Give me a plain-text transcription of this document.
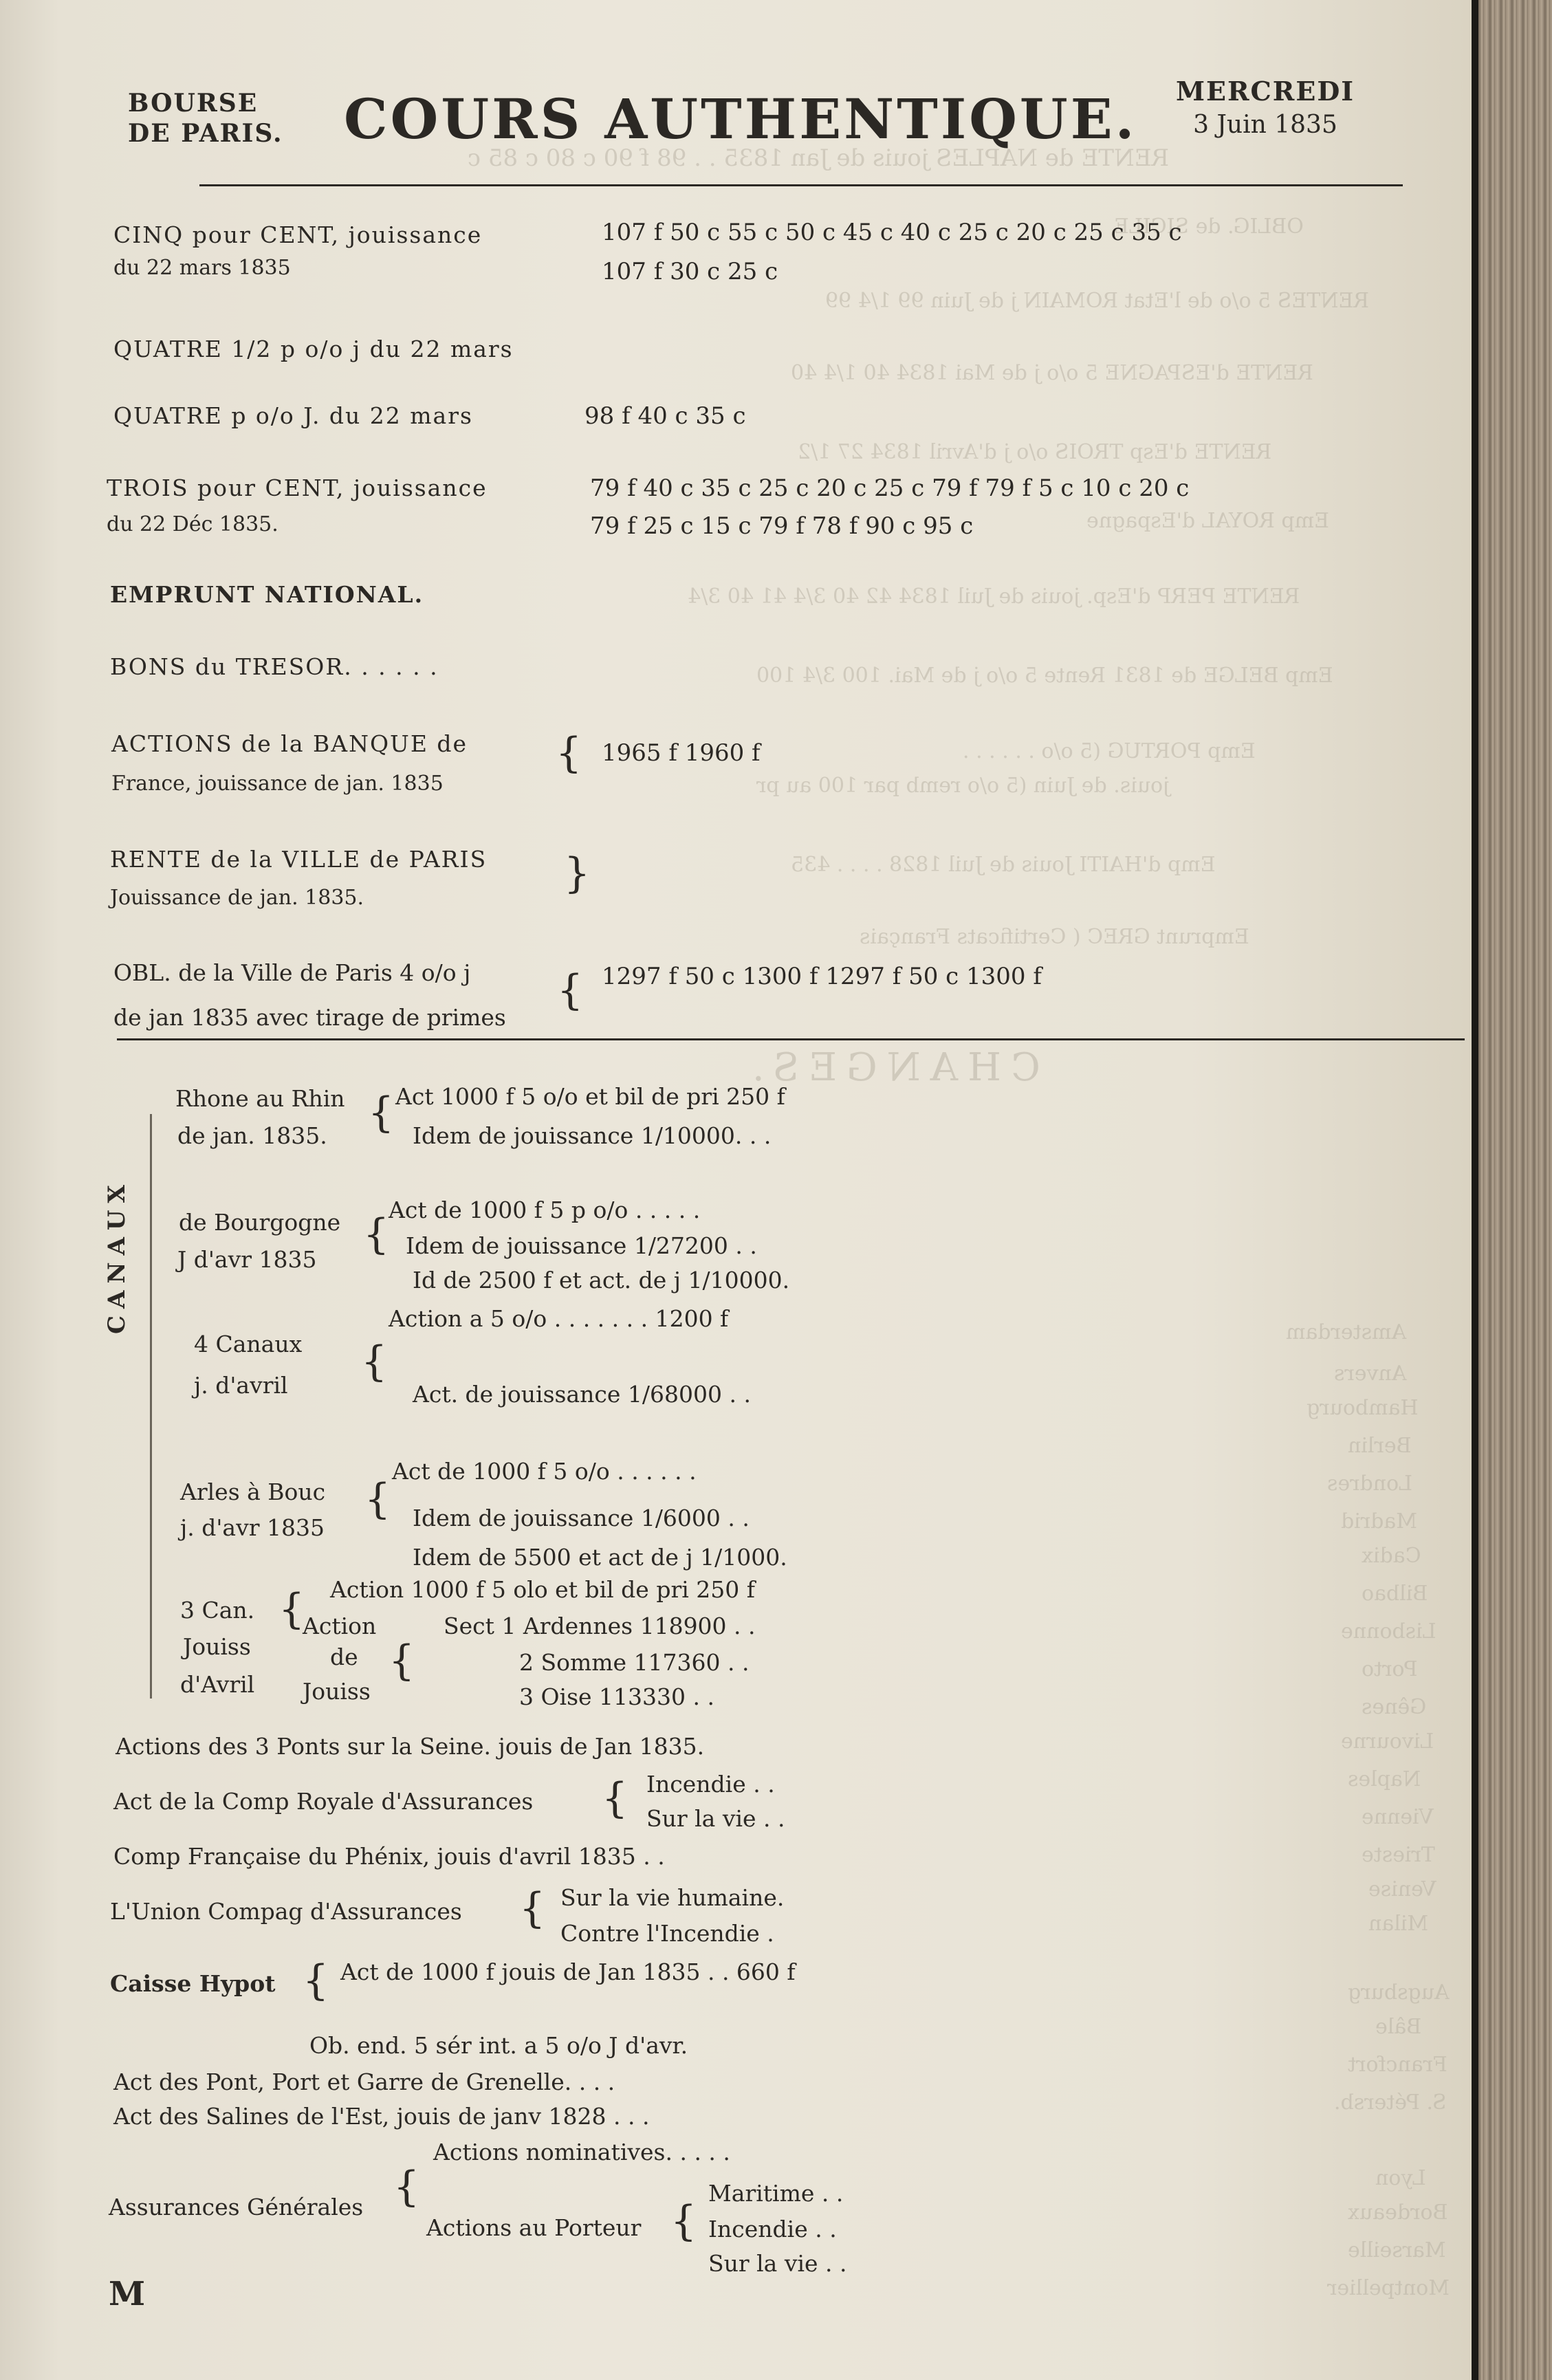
RENTE de NAPLES jouis de Jan 1835 . . 98 f 90 c 80 c 85 c
OBLIG. de SICILE
RENTES 5 o/o de l'Etat ROMAIN j de Juin 99 1/4 99
RENTE d'ESPAGNE 5 o/o j de Mai 1834 40 1/4 40
RENTE d'Esp TROIS o/o j d'Avril 1834 27 1/2
Emp ROYAL d'Espagne
RENTE PERP d'Esp. jouis de Juil 1834 42 40 3/4 41 40 3/4
Emp BELGE de 1831 Rente 5 o/o j de Mai. 100 3/4 100
Emp PORTUG (5 o/o . . . . . .
jouis. de Juin (5 o/o remb par 100 au pr
Emp d'HAITI Jouis de Juil 1828 . . . . 435
Emprunt GREC ( Certificats Français
CHANGES.
Amsterdam
Anvers
Hambourg
Berlin
Londres
Madrid
Cadix
Bilbao
Lisbonne
Porto
Gênes
Livourne
Naples
Vienne
Trieste
Venise
Milan
Augsburg
Bâle
Francfort
S. Pétersb.
Lyon
Bordeaux
Marseille
Montpellier
BOURSE
DE PARIS. COURS AUTHENTIQUE. MERCREDI
3 Juin 1835
CINQ pour CENT, jouissance
du 22 mars 1835
107 f 50 c 55 c 50 c 45 c 40 c 25 c 20 c 25 c 35 c
107 f 30 c 25 c
QUATRE 1/2 p o/o j du 22 mars
QUATRE p o/o J. du 22 mars	98 f 40 c 35 c
TROIS pour CENT, jouissance
du 22 Déc 1835.
79 f 40 c 35 c 25 c 20 c 25 c 79 f 79 f 5 c 10 c 20 c
79 f 25 c 15 c 79 f 78 f 90 c 95 c
EMPRUNT NATIONAL.
BONS du TRESOR. . . . . .
ACTIONS de la BANQUE de
France, jouissance de jan. 1835
{ 1965 f 1960 f
RENTE de la VILLE de PARIS
Jouissance de jan. 1835.
}
OBL. de la Ville de Paris 4 o/o j
de jan 1835 avec tirage de primes
{ 1297 f 50 c 1300 f 1297 f 50 c 1300 f
CANAUX
Rhone au Rhin
de jan. 1835. { Act 1000 f 5 o/o et bil de pri 250 f
Idem de jouissance 1/10000. . .
de Bourgogne
J d'avr 1835
{
Act de 1000 f 5 p o/o . . . . .
Idem de jouissance 1/27200 . .
Id de 2500 f et act. de j 1/10000.
4 Canaux
j. d'avril {
Action a 5 o/o . . . . . . . 1200 f
Act. de jouissance 1/68000 . .
Arles à Bouc
j. d'avr 1835
{
Act de 1000 f 5 o/o . . . . . .
Idem de jouissance 1/6000 . .
Idem de 5500 et act de j 1/1000.
3 Can.
Jouiss
d'Avril
{
Action
de
Jouiss
{
Action 1000 f 5 olo et bil de pri 250 f
Sect 1 Ardennes 118900 . .
2 Somme 117360 . .
3 Oise 113330 . .
Actions des 3 Ponts sur la Seine. jouis de Jan 1835.
Act de la Comp Royale d'Assurances { Incendie . .
Sur la vie . .
Comp Française du Phénix, jouis d'avril 1835 . .
L'Union Compag d'Assurances { Sur la vie humaine.
Contre l'Incendie .
Caisse Hypot { Act de 1000 f jouis de Jan 1835 . . 660 f
Ob. end. 5 sér int. a 5 o/o J d'avr.
Act des Pont, Port et Garre de Grenelle. . . .
Act des Salines de l'Est, jouis de janv 1828 . . .
Actions nominatives. . . . .
Assurances Générales {
Actions au Porteur {
Maritime . .
Incendie . .
Sur la vie . .
M
